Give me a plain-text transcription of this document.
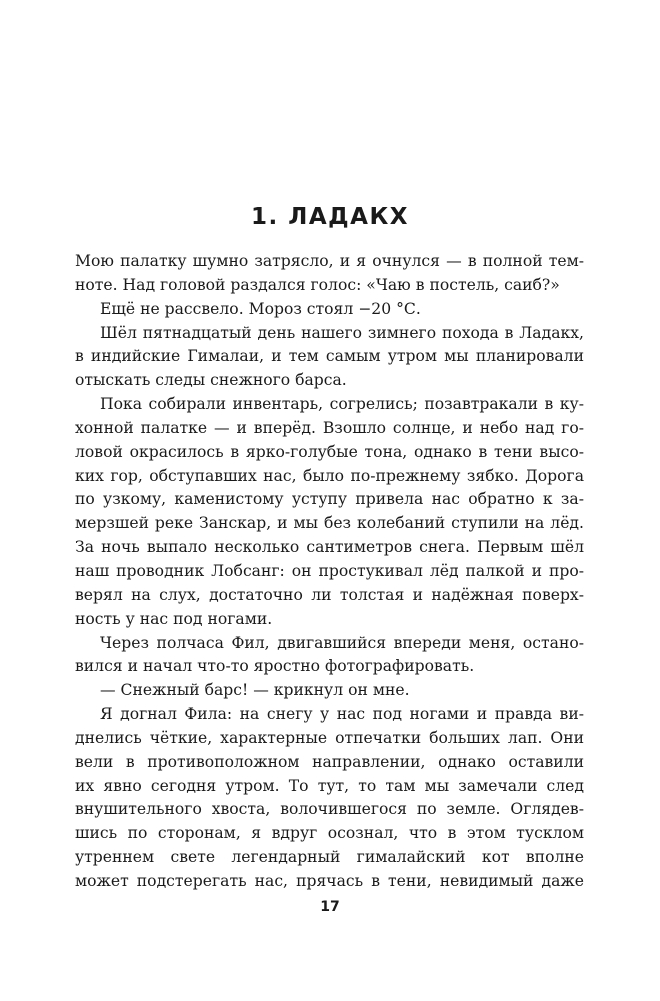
1. ЛАДАКХ
Мою палатку шумно затрясло, и я очнулся — в полной тем-
ноте. Над головой раздался голос: «Чаю в постель, саиб?»
Ещё не рассвело. Мороз стоял −20 °С.
Шёл пятнадцатый день нашего зимнего похода в Ладакх,
в индийские Гималаи, и тем самым утром мы планировали
отыскать следы снежного барса.
Пока собирали инвентарь, согрелись; позавтракали в ку-
хонной палатке — и вперёд. Взошло солнце, и небо над го-
ловой окрасилось в ярко-голубые тона, однако в тени высо-
ких гор, обступавших нас, было по-прежнему зябко. Дорога
по узкому, каменистому уступу привела нас обратно к за-
мерзшей реке Занскар, и мы без колебаний ступили на лёд.
За ночь выпало несколько сантиметров снега. Первым шёл
наш проводник Лобсанг: он простукивал лёд палкой и про-
верял на слух, достаточно ли толстая и надёжная поверх-
ность у нас под ногами.
Через полчаса Фил, двигавшийся впереди меня, остано-
вился и начал что-то яростно фотографировать.
— Снежный барс! — крикнул он мне.
Я догнал Фила: на снегу у нас под ногами и правда ви-
днелись чёткие, характерные отпечатки больших лап. Они
вели в противоположном направлении, однако оставили
их явно сегодня утром. То тут, то там мы замечали след
внушительного хвоста, волочившегося по земле. Оглядев-
шись по сторонам, я вдруг осознал, что в этом тусклом
утреннем свете легендарный гималайский кот вполне
может подстерегать нас, прячась в тени, невидимый даже
17
